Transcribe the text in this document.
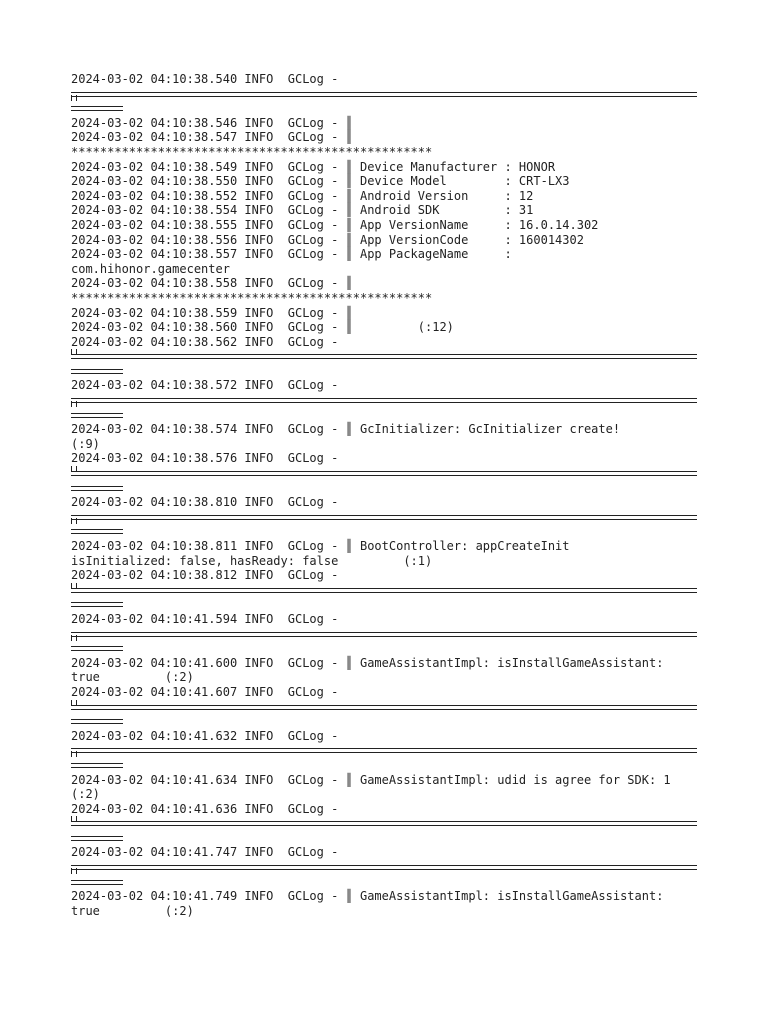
2024-03-02 04:10:38.540 INFO  GCLog -
2024-03-02 04:10:38.546 INFO  GCLog - ║
2024-03-02 04:10:38.547 INFO  GCLog - ║
**************************************************
2024-03-02 04:10:38.549 INFO  GCLog - ║ Device Manufacturer : HONOR
2024-03-02 04:10:38.550 INFO  GCLog - ║ Device Model        : CRT-LX3
2024-03-02 04:10:38.552 INFO  GCLog - ║ Android Version     : 12
2024-03-02 04:10:38.554 INFO  GCLog - ║ Android SDK         : 31
2024-03-02 04:10:38.555 INFO  GCLog - ║ App VersionName     : 16.0.14.302
2024-03-02 04:10:38.556 INFO  GCLog - ║ App VersionCode     : 160014302
2024-03-02 04:10:38.557 INFO  GCLog - ║ App PackageName     :
com.hihonor.gamecenter
2024-03-02 04:10:38.558 INFO  GCLog - ║
**************************************************
2024-03-02 04:10:38.559 INFO  GCLog - ║
2024-03-02 04:10:38.560 INFO  GCLog - ║         (:12)
2024-03-02 04:10:38.562 INFO  GCLog -
2024-03-02 04:10:38.572 INFO  GCLog -
2024-03-02 04:10:38.574 INFO  GCLog - ║ GcInitializer: GcInitializer create!
(:9)
2024-03-02 04:10:38.576 INFO  GCLog -
2024-03-02 04:10:38.810 INFO  GCLog -
2024-03-02 04:10:38.811 INFO  GCLog - ║ BootController: appCreateInit
isInitialized: false, hasReady: false         (:1)
2024-03-02 04:10:38.812 INFO  GCLog -
2024-03-02 04:10:41.594 INFO  GCLog -
2024-03-02 04:10:41.600 INFO  GCLog - ║ GameAssistantImpl: isInstallGameAssistant:
true         (:2)
2024-03-02 04:10:41.607 INFO  GCLog -
2024-03-02 04:10:41.632 INFO  GCLog -
2024-03-02 04:10:41.634 INFO  GCLog - ║ GameAssistantImpl: udid is agree for SDK: 1
(:2)
2024-03-02 04:10:41.636 INFO  GCLog -
2024-03-02 04:10:41.747 INFO  GCLog -
2024-03-02 04:10:41.749 INFO  GCLog - ║ GameAssistantImpl: isInstallGameAssistant:
true         (:2)
